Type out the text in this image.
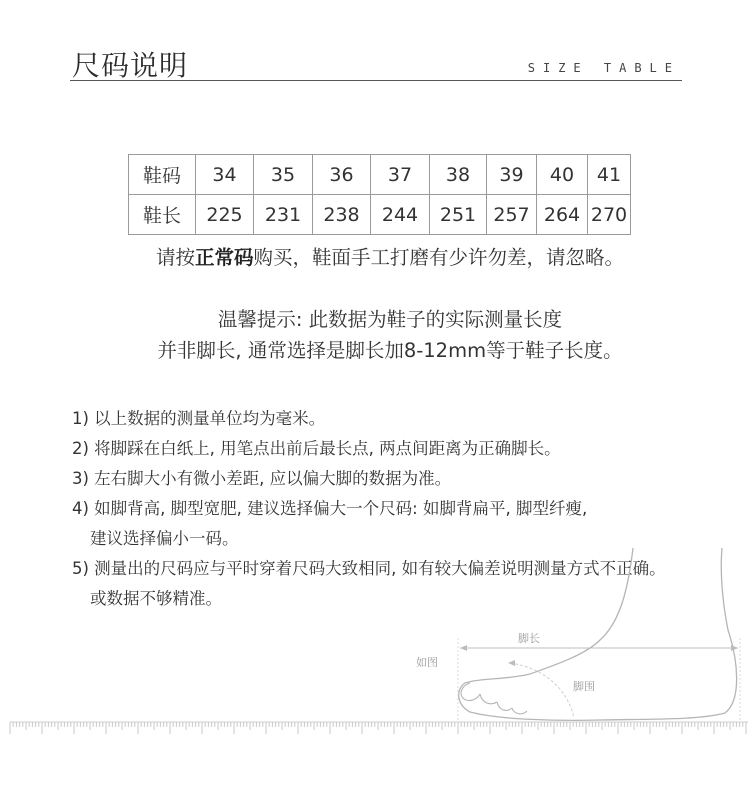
尺码说明	SIZE TABLE
鞋码	34	35	36	37	38	39	40	41
鞋长	225	231	238	244	251	257	264	270
请按正常码购买，鞋面手工打磨有少许勿差，请忽略。
温馨提示: 此数据为鞋子的实际测量长度
并非脚长, 通常选择是脚长加8-12mm等于鞋子长度。
1) 以上数据的测量单位均为毫米。
2) 将脚踩在白纸上, 用笔点出前后最长点, 两点间距离为正确脚长。
3) 左右脚大小有微小差距, 应以偏大脚的数据为准。
4) 如脚背高, 脚型宽肥, 建议选择偏大一个尺码: 如脚背扁平, 脚型纤瘦,
建议选择偏小一码。
5) 测量出的尺码应与平时穿着尺码大致相同, 如有较大偏差说明测量方式不正确。
或数据不够精准。
如图
脚长
脚围
